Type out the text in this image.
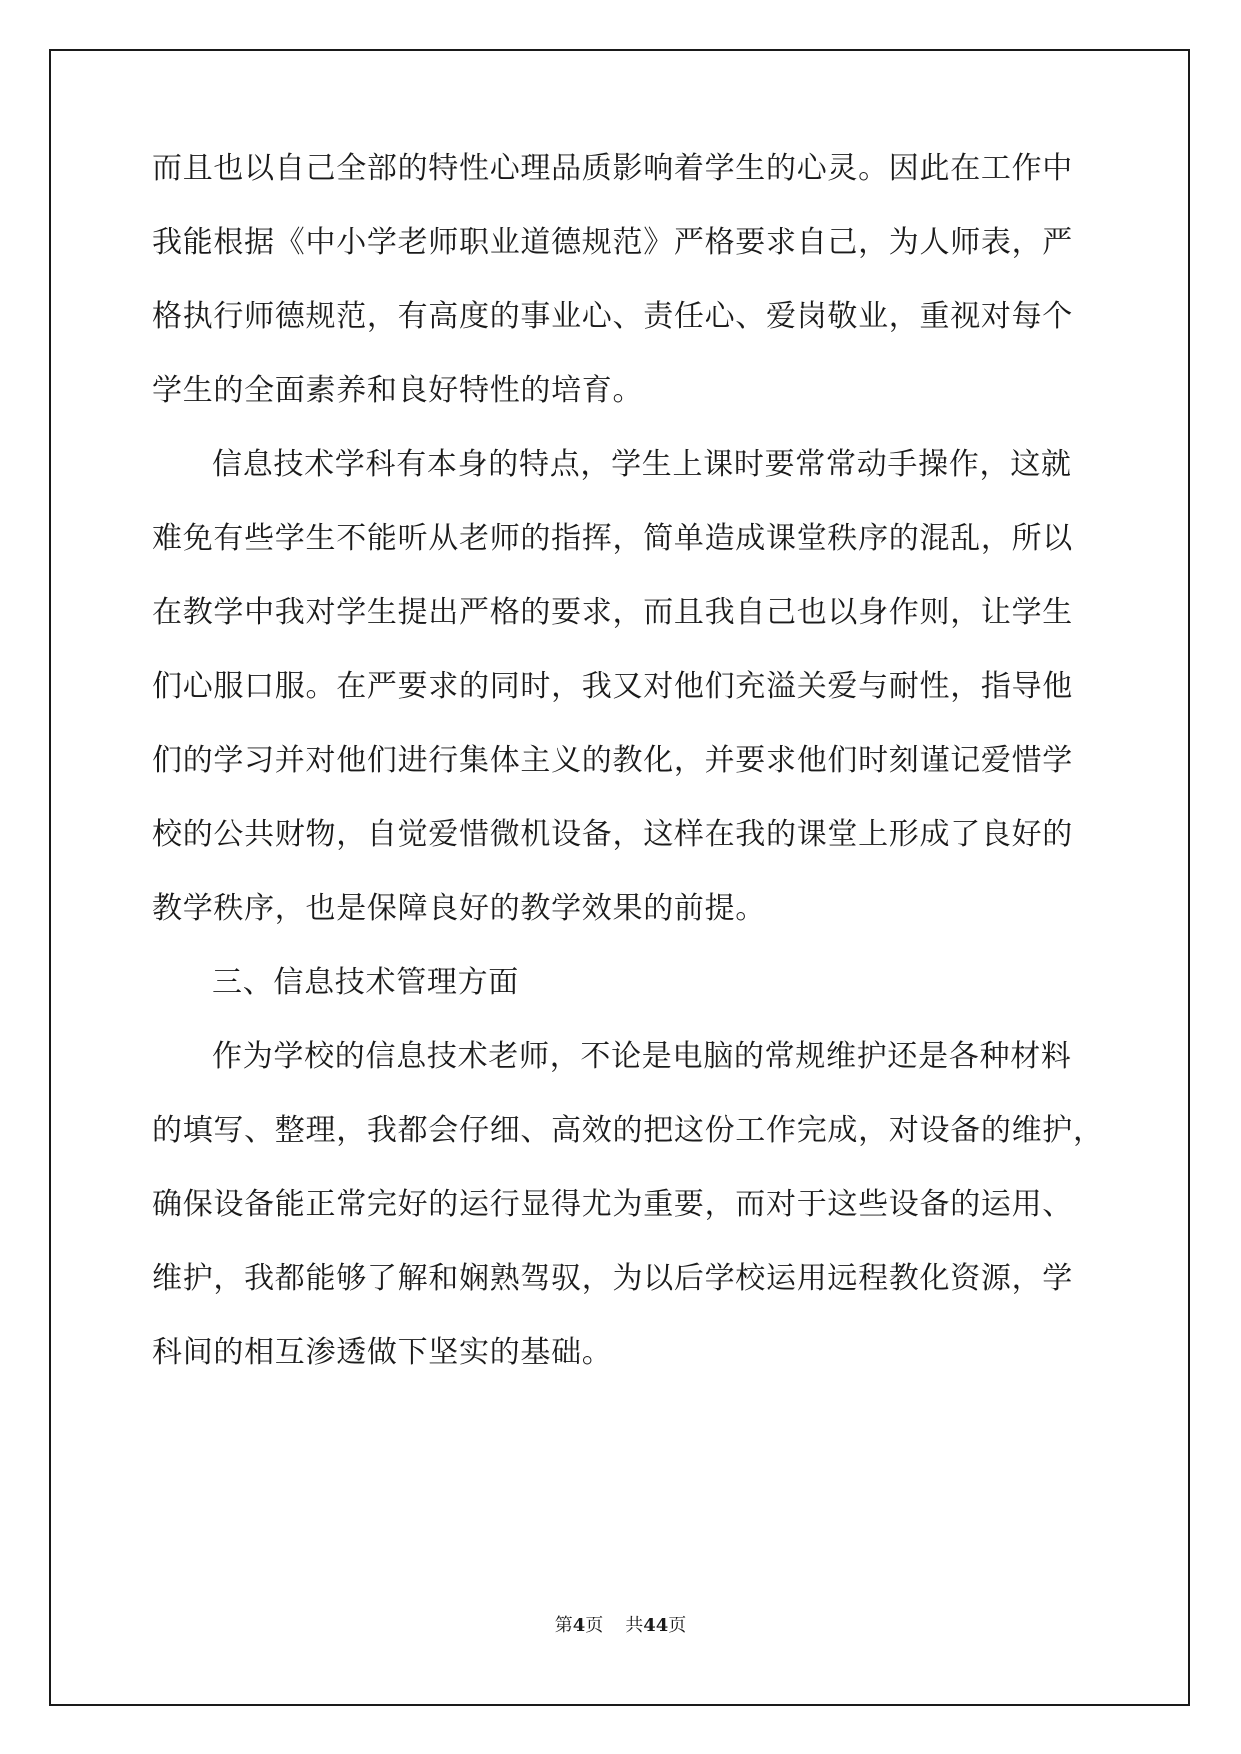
而且也以自己全部的特性心理品质影响着学生的心灵。因此在工作中
我能根据《中小学老师职业道德规范》严格要求自己，为人师表，严
格执行师德规范，有高度的事业心、责任心、爱岗敬业，重视对每个
学生的全面素养和良好特性的培育。
信息技术学科有本身的特点，学生上课时要常常动手操作，这就
难免有些学生不能听从老师的指挥，简单造成课堂秩序的混乱，所以
在教学中我对学生提出严格的要求，而且我自己也以身作则，让学生
们心服口服。在严要求的同时，我又对他们充溢关爱与耐性，指导他
们的学习并对他们进行集体主义的教化，并要求他们时刻谨记爱惜学
校的公共财物，自觉爱惜微机设备，这样在我的课堂上形成了良好的
教学秩序，也是保障良好的教学效果的前提。
三、信息技术管理方面
作为学校的信息技术老师，不论是电脑的常规维护还是各种材料
的填写、整理，我都会仔细、高效的把这份工作完成，对设备的维护，
确保设备能正常完好的运行显得尤为重要，而对于这些设备的运用、
维护，我都能够了解和娴熟驾驭，为以后学校运用远程教化资源，学
科间的相互渗透做下坚实的基础。
第4页 共44页
